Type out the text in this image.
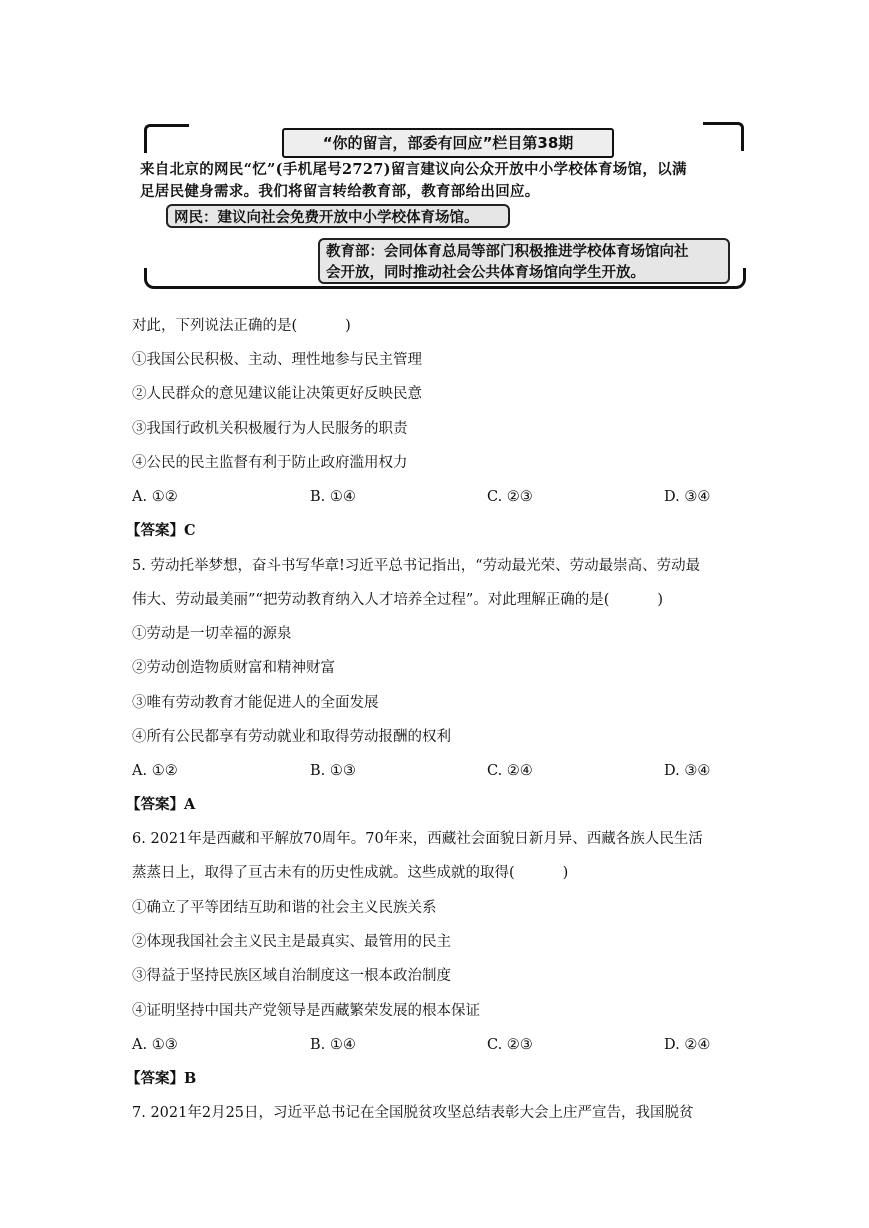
“你的留言，部委有回应”栏目第38期
来自北京的网民“忆”(手机尾号2727)留言建议向公众开放中小学校体育场馆，以满
足居民健身需求。我们将留言转给教育部，教育部给出回应。
网民：建议向社会免费开放中小学校体育场馆。
教育部：会同体育总局等部门积极推进学校体育场馆向社
会开放，同时推动社会公共体育场馆向学生开放。
对此，下列说法正确的是(	)
①我国公民积极、主动、理性地参与民主管理
②人民群众的意见建议能让决策更好反映民意
③我国行政机关积极履行为人民服务的职责
④公民的民主监督有利于防止政府滥用权力
A. ①②	B. ①④	C. ②③	D. ③④
【答案】C
5. 劳动托举梦想，奋斗书写华章!习近平总书记指出，“劳动最光荣、劳动最崇高、劳动最
伟大、劳动最美丽”“把劳动教育纳入人才培养全过程”。对此理解正确的是(	)
①劳动是一切幸福的源泉
②劳动创造物质财富和精神财富
③唯有劳动教育才能促进人的全面发展
④所有公民都享有劳动就业和取得劳动报酬的权利
A. ①②	B. ①③	C. ②④	D. ③④
【答案】A
6. 2021年是西藏和平解放70周年。70年来，西藏社会面貌日新月异、西藏各族人民生活
蒸蒸日上，取得了亘古未有的历史性成就。这些成就的取得(	)
①确立了平等团结互助和谐的社会主义民族关系
②体现我国社会主义民主是最真实、最管用的民主
③得益于坚持民族区域自治制度这一根本政治制度
④证明坚持中国共产党领导是西藏繁荣发展的根本保证
A. ①③	B. ①④	C. ②③	D. ②④
【答案】B
7. 2021年2月25日，习近平总书记在全国脱贫攻坚总结表彰大会上庄严宣告，我国脱贫
